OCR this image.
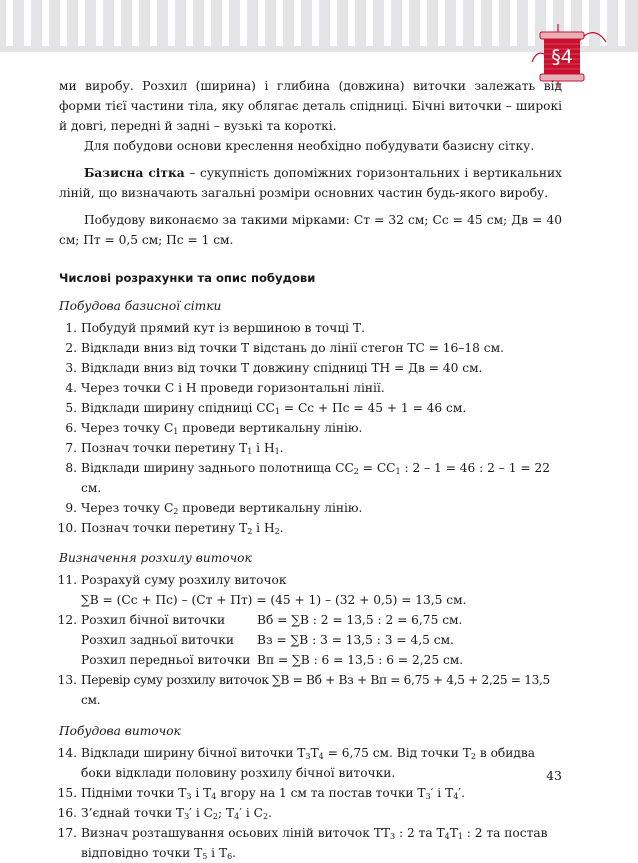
§4

ми виробу. Розхил (ширина) і глибина (довжина) виточки залежать від форми тієї частини тіла, яку облягає деталь спідниці. Бічні виточки – широкі й довгі, передні й задні – вузькі та короткі.

Для побудови основи креслення необхідно побудувати базисну сітку.

Базисна сітка – сукупність допоміжних горизонтальних і вертикальних ліній, що визначають загальні розміри основних частин будь-якого виробу.

Побудову виконаємо за такими мірками: Ст = 32 см; Сс = 45 см; Дв = 40 см; Пт = 0,5 см; Пс = 1 см.

Числові розрахунки та опис побудови
Побудова базисної сітки
1. Побудуй прямий кут із вершиною в точці Т.
2. Відклади вниз від точки Т відстань до лінії стегон ТС = 16–18 см.
3. Відклади вниз від точки Т довжину спідниці ТН = Дв = 40 см.
4. Через точки С і Н проведи горизонтальні лінії.
5. Відклади ширину спідниці $СС_1$ = Сс + Пс = 45 + 1 = 46 см.
6. Через точку $С_1$ проведи вертикальну лінію.
7. Познач точки перетину $Т_1$ і $Н_1$.
8. Відклади ширину заднього полотнища $СС_2 = СС_1$ : 2 – 1 = 46 : 2 – 1 = 22 см.
9. Через точку $С_2$ проведи вертикальну лінію.
10. Познач точки перетину $Т_2$ і $Н_2$.
Визначення розхилу виточок
11. Розрахуй суму розхилу виточок
∑В = (Сс + Пс) – (Ст + Пт) = (45 + 1) – (32 + 0,5) = 13,5 см.
12. Розхил бічної виточки	Вб = ∑В : 2 = 13,5 : 2 = 6,75 см.
Розхил задньої виточки	Вз = ∑В : 3 = 13,5 : 3 = 4,5 см.
Розхил передньої виточки Вп = ∑В : 6 = 13,5 : 6 = 2,25 см.
13. Перевір суму розхилу виточок ∑В = Вб + Вз + Вп = 6,75 + 4,5 + 2,25 = 13,5 см.
Побудова виточок
14. Відклади ширину бічної виточки $Т_3Т_4 = 6,75$ см. Від точки $Т_2$ в обидва боки відклади половину розхилу бічної виточки.
15. Підніми точки $Т_3$ і $Т_4$ вгору на 1 см та постав точки $Т_3'$ і $Т_4'$.
16. З’єднай точки $Т_3'$ і $С_2$; $Т_4'$ і $С_2$.
17. Визнач розташування осьових ліній виточок $ТТ_3$ : 2 та $Т_4Т_1$ : 2 та постав відповідно точки $Т_5$ і $Т_6$.
43
